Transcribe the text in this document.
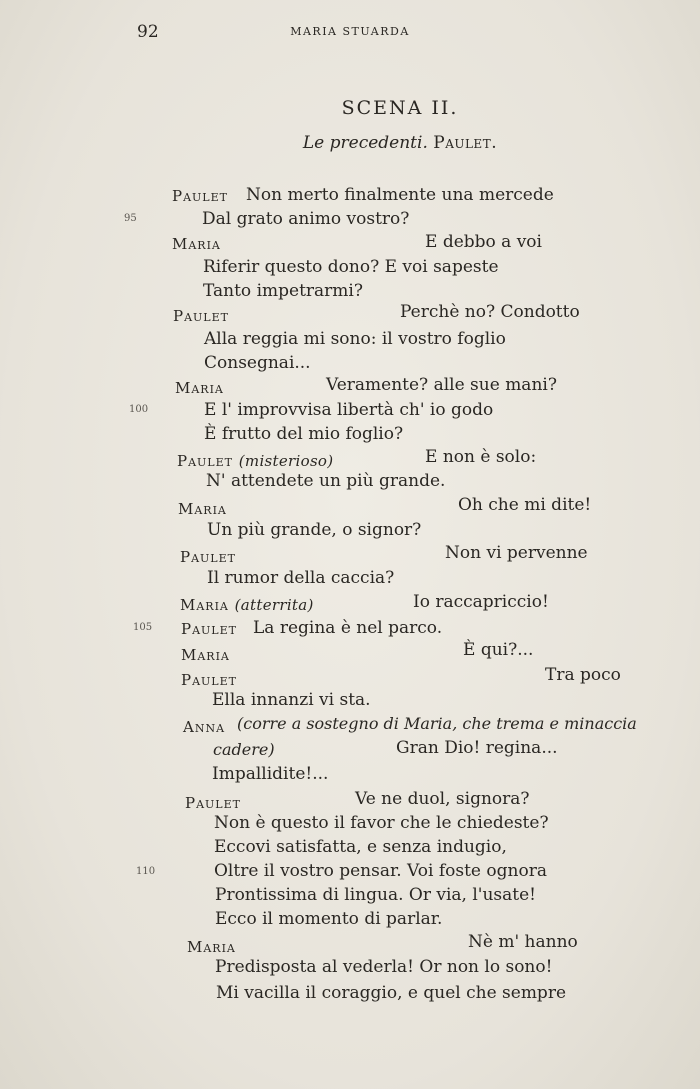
92	MARIA STUARDA
SCENA II.
Le precedenti. Paulet.
Paulet Non merto finalmente una mercede
95	Dal grato animo vostro?
Maria	E debbo a voi
Riferir questo dono? E voi sapeste
Tanto impetrarmi?
Paulet	Perchè no? Condotto
Alla reggia mi sono: il vostro foglio
Consegnai...
Maria	Veramente? alle sue mani?
100	E l' improvvisa libertà ch' io godo
È frutto del mio foglio?
Paulet (misterioso)	E non è solo:
N' attendete un più grande.
Maria	Oh che mi dite!
Un più grande, o signor?
Paulet	Non vi pervenne
Il rumor della caccia?
Maria (atterrita)	Io raccapriccio!
105 Paulet La regina è nel parco.
Maria	È qui?...
Paulet	Tra poco
Ella innanzi vi sta.
Anna (corre a sostegno di Maria, che trema e minaccia
cadere)	Gran Dio! regina...
Impallidite!...
Paulet	Ve ne duol, signora?
Non è questo il favor che le chiedeste?
Eccovi satisfatta, e senza indugio,
110	Oltre il vostro pensar. Voi foste ognora
Prontissima di lingua. Or via, l'usate!
Ecco il momento di parlar.
Maria	Nè m' hanno
Predisposta al vederla! Or non lo sono!
Mi vacilla il coraggio, e quel che sempre
